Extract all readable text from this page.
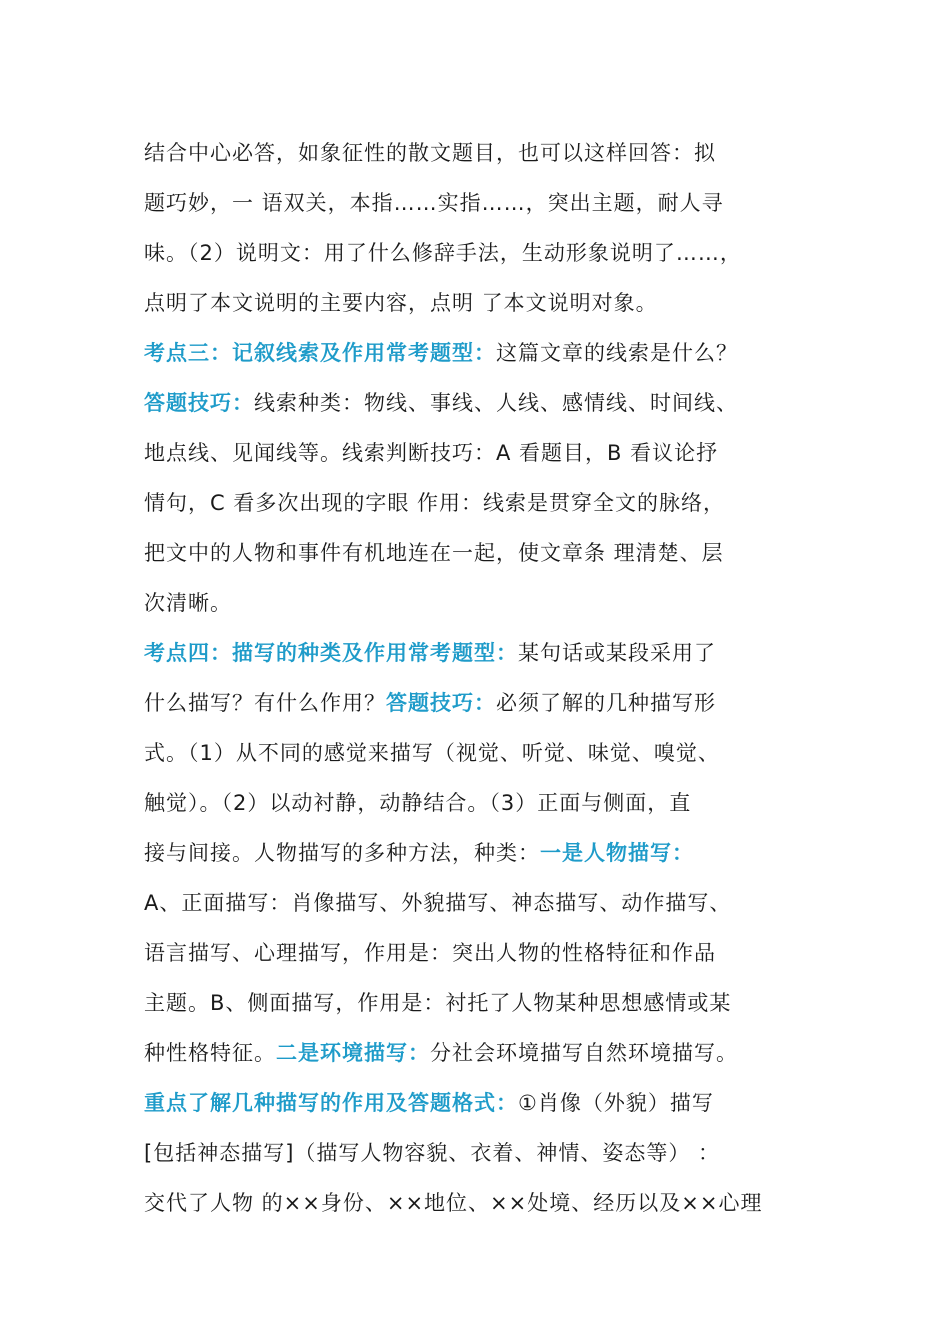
结合中心必答，如象征性的散文题目，也可以这样回答：拟
题巧妙，一 语双关，本指……实指……，突出主题，耐人寻
味。（2）说明文：用了什么修辞手法，生动形象说明了……，
点明了本文说明的主要内容，点明 了本文说明对象。
考点三：记叙线索及作用常考题型：这篇文章的线索是什么？
答题技巧：线索种类：物线、事线、人线、感情线、时间线、
地点线、见闻线等。线索判断技巧：A 看题目，B 看议论抒
情句，C 看多次出现的字眼 作用：线索是贯穿全文的脉络，
把文中的人物和事件有机地连在一起，使文章条 理清楚、层
次清晰。
考点四：描写的种类及作用常考题型：某句话或某段采用了
什么描写？有什么作用？答题技巧：必须了解的几种描写形
式。（1）从不同的感觉来描写（视觉、听觉、味觉、嗅觉、
触觉）。（2）以动衬静，动静结合。（3）正面与侧面，直
接与间接。人物描写的多种方法，种类：一是人物描写：
A、正面描写：肖像描写、外貌描写、神态描写、动作描写、
语言描写、心理描写，作用是：突出人物的性格特征和作品
主题。B、侧面描写，作用是：衬托了人物某种思想感情或某
种性格特征。二是环境描写：分社会环境描写自然环境描写。
重点了解几种描写的作用及答题格式：①肖像（外貌）描写
[包括神态描写]（描写人物容貌、衣着、神情、姿态等） ：
交代了人物 的××身份、××地位、××处境、经历以及××心理
